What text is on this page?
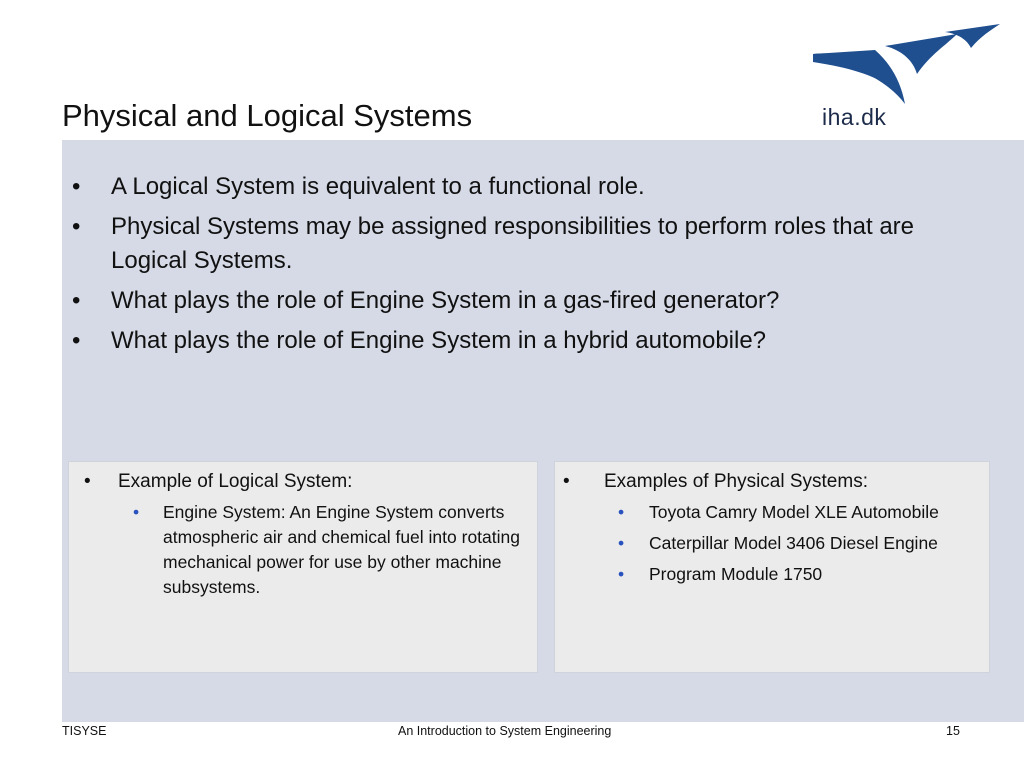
Physical and Logical Systems	iha.dk
• A Logical System is equivalent to a functional role.
• Physical Systems may be assigned responsibilities to perform roles that are Logical Systems.
• What plays the role of Engine System in a gas-fired generator?
• What plays the role of Engine System in a hybrid automobile?
• Example of Logical System:
• Engine System: An Engine System converts atmospheric air and chemical fuel into rotating mechanical power for use by other machine subsystems.
• Examples of Physical Systems:
• Toyota Camry Model XLE Automobile
• Caterpillar Model 3406 Diesel Engine
• Program Module 1750
TISYSE	An Introduction to System Engineering	15
